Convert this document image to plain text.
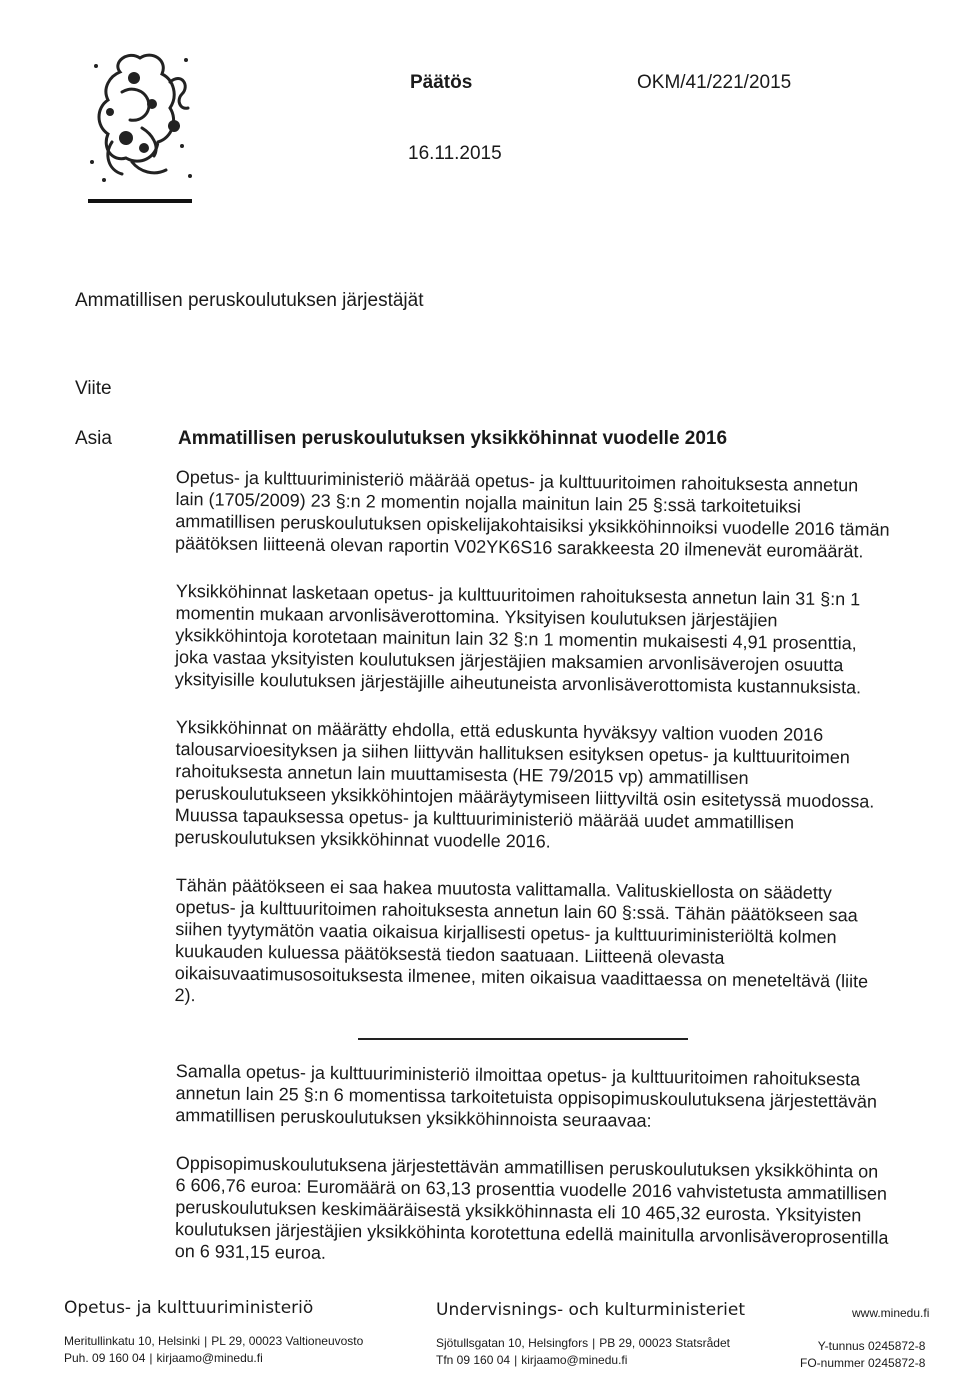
Päätös	OKM/41/221/2015
16.11.2015
Ammatillisen peruskoulutuksen järjestäjät
Viite
Asia	Ammatillisen peruskoulutuksen yksikköhinnat vuodelle 2016

Opetus- ja kulttuuriministeriö määrää opetus- ja kulttuuritoimen rahoituksesta annetun lain (1705/2009) 23 §:n 2 momentin nojalla mainitun lain 25 §:ssä tarkoitetuiksi ammatillisen peruskoulutuksen opiskelijakohtaisiksi yksikköhinnoiksi vuodelle 2016 tämän päätöksen liitteenä olevan raportin V02YK6S16 sarakkeesta 20 ilmenevät euromäärät.

Yksikköhinnat lasketaan opetus- ja kulttuuritoimen rahoituksesta annetun lain 31 §:n 1 momentin mukaan arvonlisäverottomina. Yksityisen koulutuksen järjestäjien yksikköhintoja korotetaan mainitun lain 32 §:n 1 momentin mukaisesti 4,91 prosenttia, joka vastaa yksityisten koulutuksen järjestäjien maksamien arvonlisäverojen osuutta yksityisille koulutuksen järjestäjille aiheutuneista arvonlisäverottomista kustannuksista.

Yksikköhinnat on määrätty ehdolla, että eduskunta hyväksyy valtion vuoden 2016 talousarvioesityksen ja siihen liittyvän hallituksen esityksen opetus- ja kulttuuritoimen rahoituksesta annetun lain muuttamisesta (HE 79/2015 vp) ammatillisen peruskoulutukseen yksikköhintojen määräytymiseen liittyviltä osin esitetyssä muodossa. Muussa tapauksessa opetus- ja kulttuuriministeriö määrää uudet ammatillisen peruskoulutuksen yksikköhinnat vuodelle 2016.

Tähän päätökseen ei saa hakea muutosta valittamalla. Valituskiellosta on säädetty opetus- ja kulttuuritoimen rahoituksesta annetun lain 60 §:ssä. Tähän päätökseen saa siihen tyytymätön vaatia oikaisua kirjallisesti opetus- ja kulttuuriministeriöltä kolmen kuukauden kuluessa päätöksestä tiedon saatuaan. Liitteenä olevasta oikaisuvaatimusosoituksesta ilmenee, miten oikaisua vaadittaessa on meneteltävä (liite 2).

Samalla opetus- ja kulttuuriministeriö ilmoittaa opetus- ja kulttuuritoimen rahoituksesta annetun lain 25 §:n 6 momentissa tarkoitetuista oppisopimuskoulutuksena järjestettävän ammatillisen peruskoulutuksen yksikköhinnoista seuraavaa:

Oppisopimuskoulutuksena järjestettävän ammatillisen peruskoulutuksen yksikköhinta on 6 606,76 euroa: Euromäärä on 63,13 prosenttia vuodelle 2016 vahvistetusta ammatillisen peruskoulutuksen keskimääräisestä yksikköhinnasta eli 10 465,32 eurosta. Yksityisten koulutuksen järjestäjien yksikköhinta korotettuna edellä mainitulla arvonlisäveroprosentilla on 6 931,15 euroa.

Opetus- ja kulttuuriministeriö	Undervisnings- och kulturministeriet	www.minedu.fi
Meritullinkatu 10, Helsinki | PL 29, 00023 Valtioneuvosto
Puh. 09 160 04 | kirjaamo@minedu.fi
Sjötullsgatan 10, Helsingfors | PB 29, 00023 Statsrådet
Tfn 09 160 04 | kirjaamo@minedu.fi
Y-tunnus 0245872-8
FO-nummer 0245872-8
